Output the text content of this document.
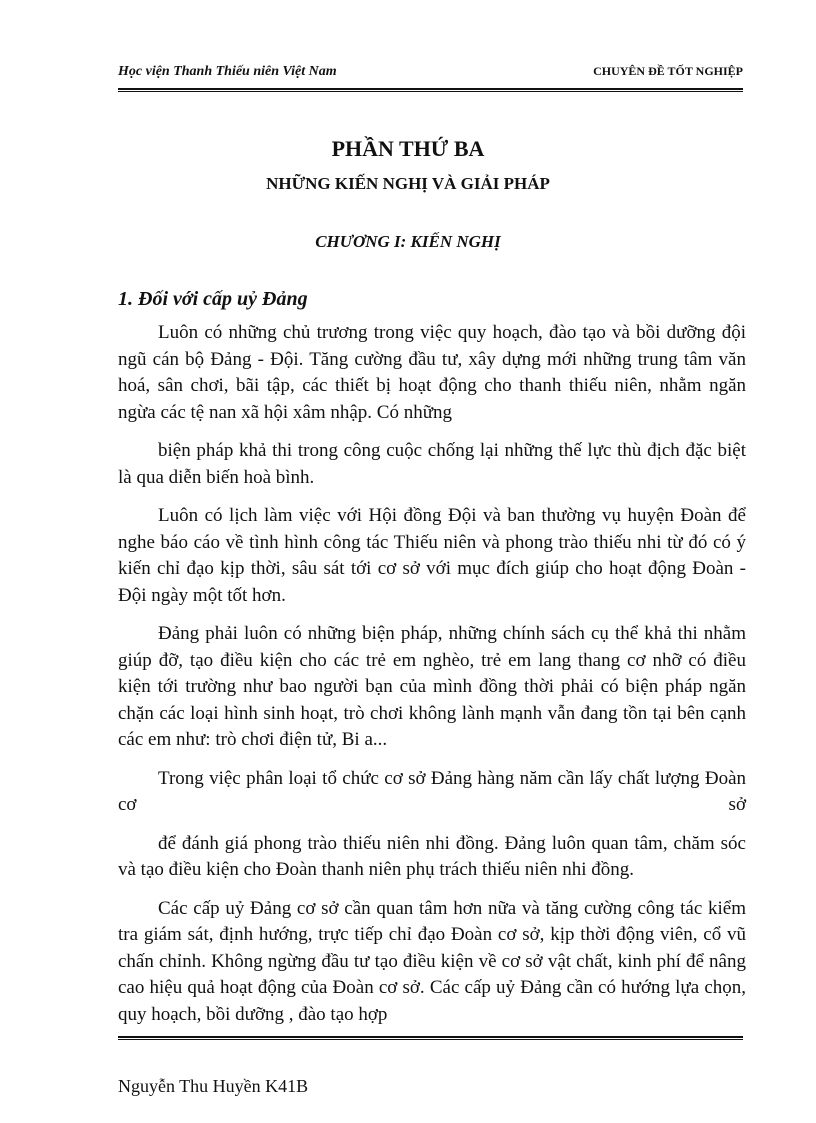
Học viện Thanh Thiếu niên Việt Nam	CHUYÊN ĐỀ TỐT NGHIỆP
PHẦN THỨ BA
NHỮNG KIẾN NGHỊ VÀ GIẢI PHÁP
CHƯƠNG I: KIẾN NGHỊ
1. Đối với cấp uỷ Đảng

Luôn có những chủ trương trong việc quy hoạch, đào tạo và bồi dưỡng đội ngũ cán bộ Đảng - Đội. Tăng cường đầu tư, xây dựng mới những trung tâm văn hoá, sân chơi, bãi tập, các thiết bị hoạt động cho thanh thiếu niên, nhằm ngăn ngừa các tệ nan xã hội xâm nhập. Có những

biện pháp khả thi trong công cuộc chống lại những thế lực thù địch đặc biệt là qua diễn biến hoà bình.

Luôn có lịch làm việc với Hội đồng Đội và ban thường vụ huyện Đoàn để nghe báo cáo về tình hình công tác Thiếu niên và phong trào thiếu nhi từ đó có ý kiến chỉ đạo kịp thời, sâu sát tới cơ sở với mục đích giúp cho hoạt động Đoàn - Đội ngày một tốt hơn.

Đảng phải luôn có những biện pháp, những chính sách cụ thể khả thi nhằm giúp đỡ, tạo điều kiện cho các trẻ em nghèo, trẻ em lang thang cơ nhỡ có điều kiện tới trường như bao người bạn của mình đồng thời phải có biện pháp ngăn chặn các loại hình sinh hoạt, trò chơi không lành mạnh vẫn đang tồn tại bên cạnh các em như: trò chơi điện tử, Bi a...

Trong việc phân loại tổ chức cơ sở Đảng hàng năm cần lấy chất lượng Đoàn cơ sở

để đánh giá phong trào thiếu niên nhi đồng. Đảng luôn quan tâm, chăm sóc và tạo điều kiện cho Đoàn thanh niên phụ trách thiếu niên nhi đồng.

Các cấp uỷ Đảng cơ sở cần quan tâm hơn nữa và tăng cường công tác kiểm tra giám sát, định hướng, trực tiếp chỉ đạo Đoàn cơ sở, kịp thời động viên, cổ vũ chấn chỉnh. Không ngừng đầu tư tạo điều kiện về cơ sở vật chất, kinh phí để nâng cao hiệu quả hoạt động của Đoàn cơ sở. Các cấp uỷ Đảng cần có hướng lựa chọn, quy hoạch, bồi dưỡng , đào tạo hợp

Nguyễn Thu Huyền K41B
